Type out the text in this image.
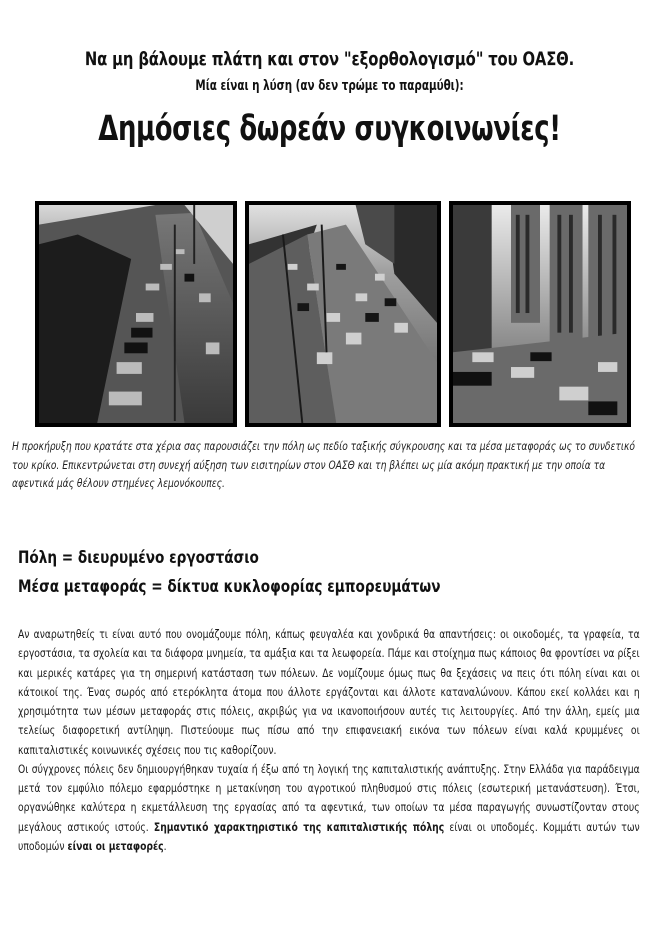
Να μη βάλουμε πλάτη και στον "εξορθολογισμό" του ΟΑΣΘ.
Μία είναι η λύση (αν δεν τρώμε το παραμύθι):
Δημόσιες δωρεάν συγκοινωνίες!
Η προκήρυξη που κρατάτε στα χέρια σας παρουσιάζει την πόλη ως πεδίο ταξικής σύγκρουσης και τα μέσα μεταφοράς ως το συνδετικό του κρίκο. Επικεντρώνεται στη συνεχή αύξηση των εισιτηρίων στον ΟΑΣΘ και τη βλέπει ως μία ακόμη πρακτική με την οποία τα αφεντικά μάς θέλουν στημένες λεμονόκουπες.
Πόλη = διευρυμένο εργοστάσιο
Μέσα μεταφοράς = δίκτυα κυκλοφορίας εμπορευμάτων

Αν αναρωτηθείς τι είναι αυτό που ονομάζουμε πόλη, κάπως φευγαλέα και χονδρικά θα απαντήσεις: οι οικοδομές, τα γραφεία, τα εργοστάσια, τα σχολεία και τα διάφορα μνημεία, τα αμάξια και τα λεωφορεία. Πάμε και στοίχημα πως κάποιος θα φροντίσει να ρίξει και μερικές κατάρες για τη σημερινή κατάσταση των πόλεων. Δε νομίζουμε όμως πως θα ξεχάσεις να πεις ότι πόλη είναι και οι κάτοικοί της. Ένας σωρός από ετερόκλητα άτομα που άλλοτε εργάζονται και άλλοτε καταναλώνουν. Κάπου εκεί κολλάει και η χρησιμότητα των μέσων μεταφοράς στις πόλεις, ακριβώς για να ικανοποιήσουν αυτές τις λειτουργίες. Από την άλλη, εμείς μια τελείως διαφορετική αντίληψη. Πιστεύουμε πως πίσω από την επιφανειακή εικόνα των πόλεων είναι καλά κρυμμένες οι καπιταλιστικές κοινωνικές σχέσεις που τις καθορίζουν.

Οι σύγχρονες πόλεις δεν δημιουργήθηκαν τυχαία ή έξω από τη λογική της καπιταλιστικής ανάπτυξης. Στην Ελλάδα για παράδειγμα μετά τον εμφύλιο πόλεμο εφαρμόστηκε η μετακίνηση του αγροτικού πληθυσμού στις πόλεις (εσωτερική μετανάστευση). Έτσι, οργανώθηκε καλύτερα η εκμετάλλευση της εργασίας από τα αφεντικά, των οποίων τα μέσα παραγωγής συνωστίζονταν στους μεγάλους αστικούς ιστούς. Σημαντικό χαρακτηριστικό της καπιταλιστικής πόλης είναι οι υποδομές. Κομμάτι αυτών των υποδομών είναι οι μεταφορές.
